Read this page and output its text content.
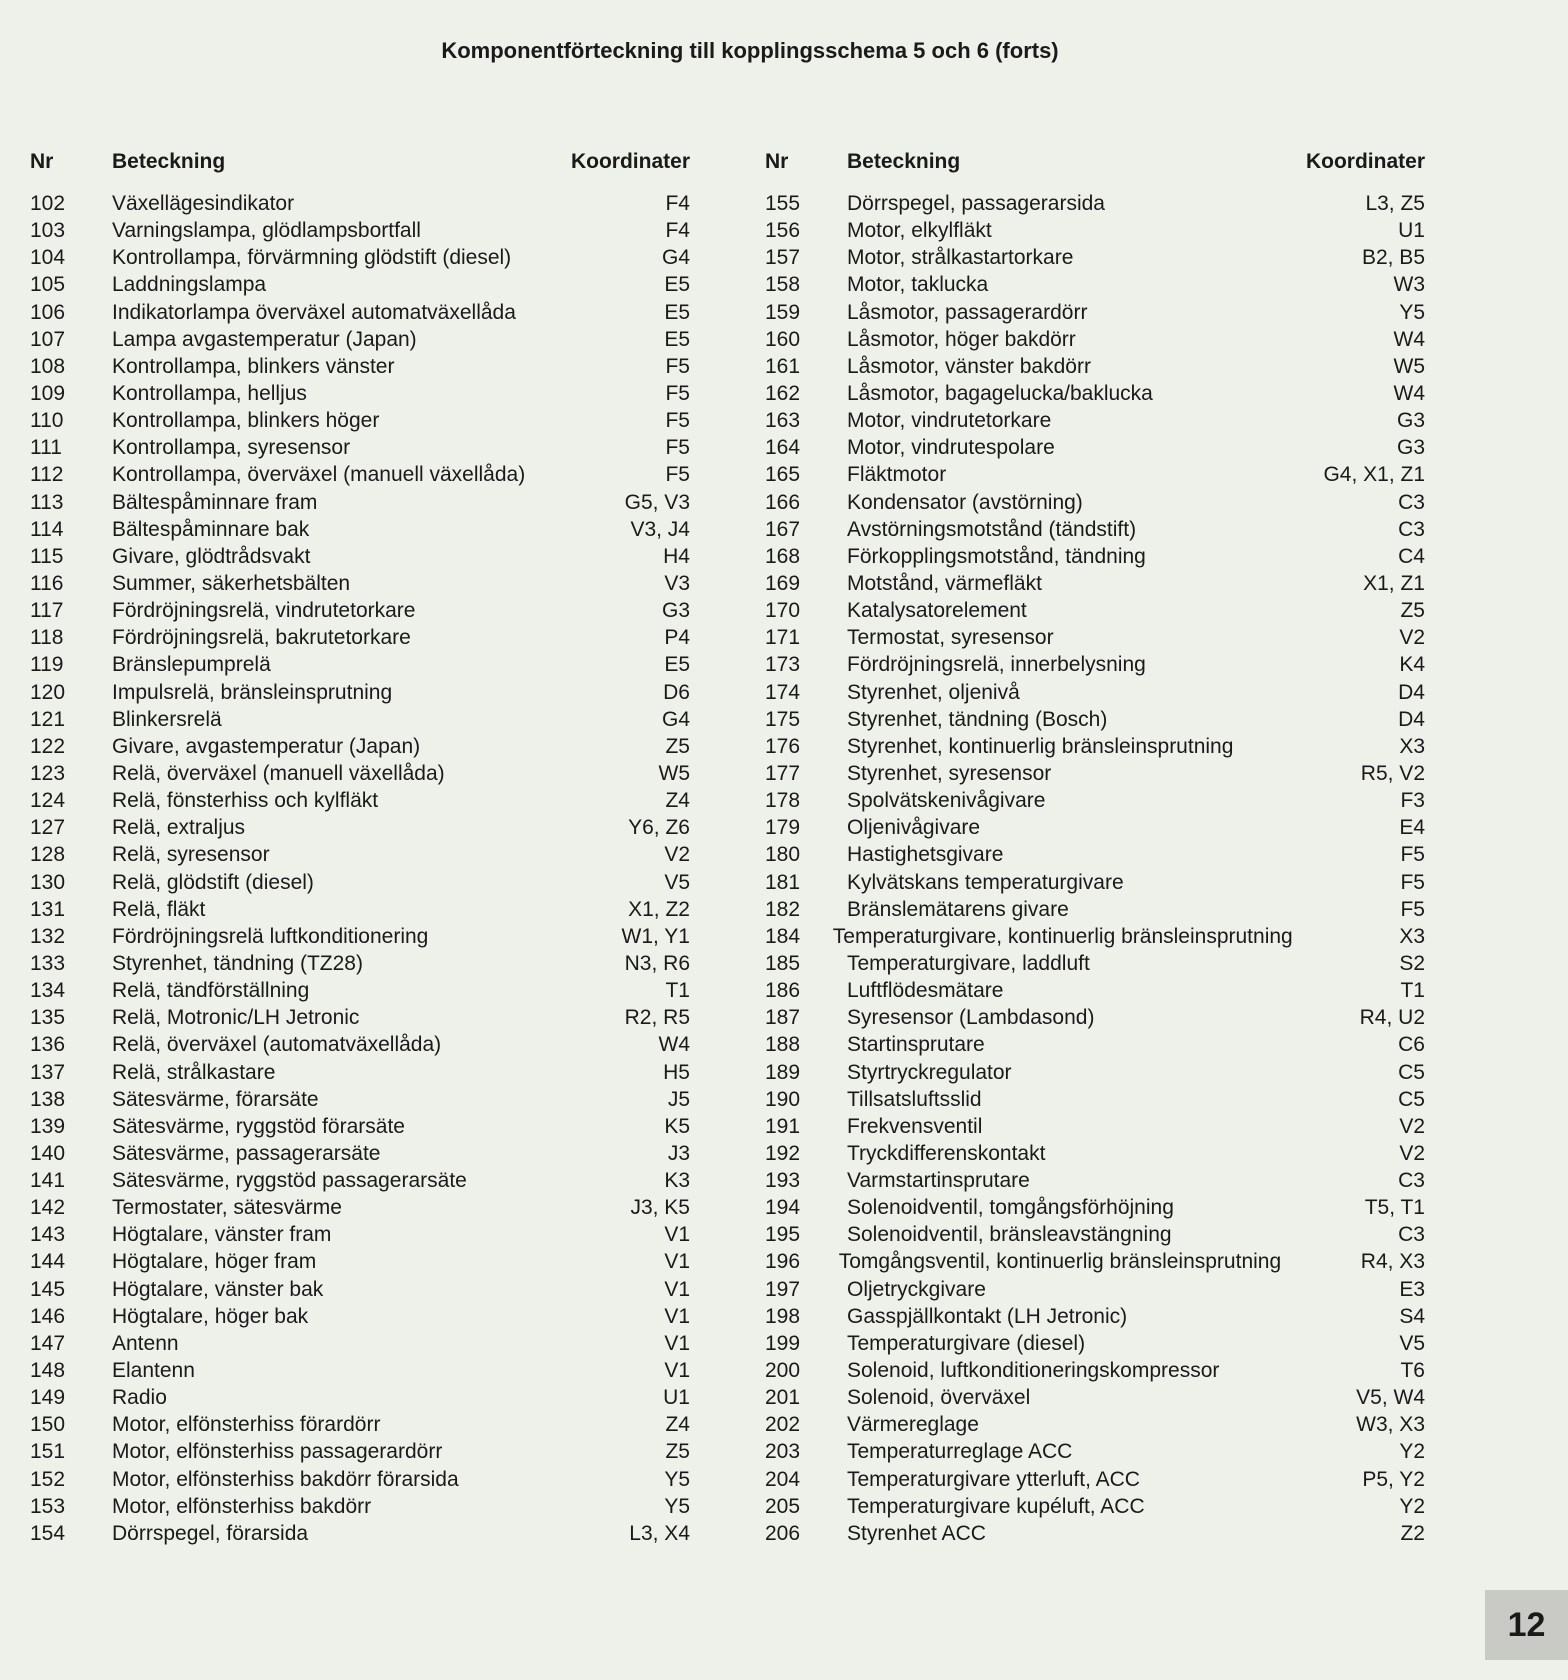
Komponentförteckning till kopplingsschema 5 och 6 (forts)
Nr	Beteckning	Koordinater
102	Växellägesindikator	F4
103	Varningslampa, glödlampsbortfall	F4
104	Kontrollampa, förvärmning glödstift (diesel)	G4
105	Laddningslampa	E5
106	Indikatorlampa överväxel automatväxellåda	E5
107	Lampa avgastemperatur (Japan)	E5
108	Kontrollampa, blinkers vänster	F5
109	Kontrollampa, helljus	F5
110	Kontrollampa, blinkers höger	F5
111	Kontrollampa, syresensor	F5
112	Kontrollampa, överväxel (manuell växellåda)	F5
113	Bältespåminnare fram	G5, V3
114	Bältespåminnare bak	V3, J4
115	Givare, glödtrådsvakt	H4
116	Summer, säkerhetsbälten	V3
117	Fördröjningsrelä, vindrutetorkare	G3
118	Fördröjningsrelä, bakrutetorkare	P4
119	Bränslepumprelä	E5
120	Impulsrelä, bränsleinsprutning	D6
121	Blinkersrelä	G4
122	Givare, avgastemperatur (Japan)	Z5
123	Relä, överväxel (manuell växellåda)	W5
124	Relä, fönsterhiss och kylfläkt	Z4
127	Relä, extraljus	Y6, Z6
128	Relä, syresensor	V2
130	Relä, glödstift (diesel)	V5
131	Relä, fläkt	X1, Z2
132	Fördröjningsrelä luftkonditionering	W1, Y1
133	Styrenhet, tändning (TZ28)	N3, R6
134	Relä, tändförställning	T1
135	Relä, Motronic/LH Jetronic	R2, R5
136	Relä, överväxel (automatväxellåda)	W4
137	Relä, strålkastare	H5
138	Sätesvärme, förarsäte	J5
139	Sätesvärme, ryggstöd förarsäte	K5
140	Sätesvärme, passagerarsäte	J3
141	Sätesvärme, ryggstöd passagerarsäte	K3
142	Termostater, sätesvärme	J3, K5
143	Högtalare, vänster fram	V1
144	Högtalare, höger fram	V1
145	Högtalare, vänster bak	V1
146	Högtalare, höger bak	V1
147	Antenn	V1
148	Elantenn	V1
149	Radio	U1
150	Motor, elfönsterhiss förardörr	Z4
151	Motor, elfönsterhiss passagerardörr	Z5
152	Motor, elfönsterhiss bakdörr förarsida	Y5
153	Motor, elfönsterhiss bakdörr	Y5
154	Dörrspegel, förarsida	L3, X4
Nr	Beteckning	Koordinater
155	Dörrspegel, passagerarsida	L3, Z5
156	Motor, elkylfläkt	U1
157	Motor, strålkastartorkare	B2, B5
158	Motor, taklucka	W3
159	Låsmotor, passagerardörr	Y5
160	Låsmotor, höger bakdörr	W4
161	Låsmotor, vänster bakdörr	W5
162	Låsmotor, bagagelucka/baklucka	W4
163	Motor, vindrutetorkare	G3
164	Motor, vindrutespolare	G3
165	Fläktmotor	G4, X1, Z1
166	Kondensator (avstörning)	C3
167	Avstörningsmotstånd (tändstift)	C3
168	Förkopplingsmotstånd, tändning	C4
169	Motstånd, värmefläkt	X1, Z1
170	Katalysatorelement	Z5
171	Termostat, syresensor	V2
173	Fördröjningsrelä, innerbelysning	K4
174	Styrenhet, oljenivå	D4
175	Styrenhet, tändning (Bosch)	D4
176	Styrenhet, kontinuerlig bränsleinsprutning	X3
177	Styrenhet, syresensor	R5, V2
178	Spolvätskenivågivare	F3
179	Oljenivågivare	E4
180	Hastighetsgivare	F5
181	Kylvätskans temperaturgivare	F5
182	Bränslemätarens givare	F5
184	Temperaturgivare, kontinuerlig bränsleinsprutning	X3
185	Temperaturgivare, laddluft	S2
186	Luftflödesmätare	T1
187	Syresensor (Lambdasond)	R4, U2
188	Startinsprutare	C6
189	Styrtryckregulator	C5
190	Tillsatsluftsslid	C5
191	Frekvensventil	V2
192	Tryckdifferenskontakt	V2
193	Varmstartinsprutare	C3
194	Solenoidventil, tomgångsförhöjning	T5, T1
195	Solenoidventil, bränsleavstängning	C3
196	Tomgångsventil, kontinuerlig bränsleinsprutning	R4, X3
197	Oljetryckgivare	E3
198	Gasspjällkontakt (LH Jetronic)	S4
199	Temperaturgivare (diesel)	V5
200	Solenoid, luftkonditioneringskompressor	T6
201	Solenoid, överväxel	V5, W4
202	Värmereglage	W3, X3
203	Temperaturreglage ACC	Y2
204	Temperaturgivare ytterluft, ACC	P5, Y2
205	Temperaturgivare kupéluft, ACC	Y2
206	Styrenhet ACC	Z2
12
